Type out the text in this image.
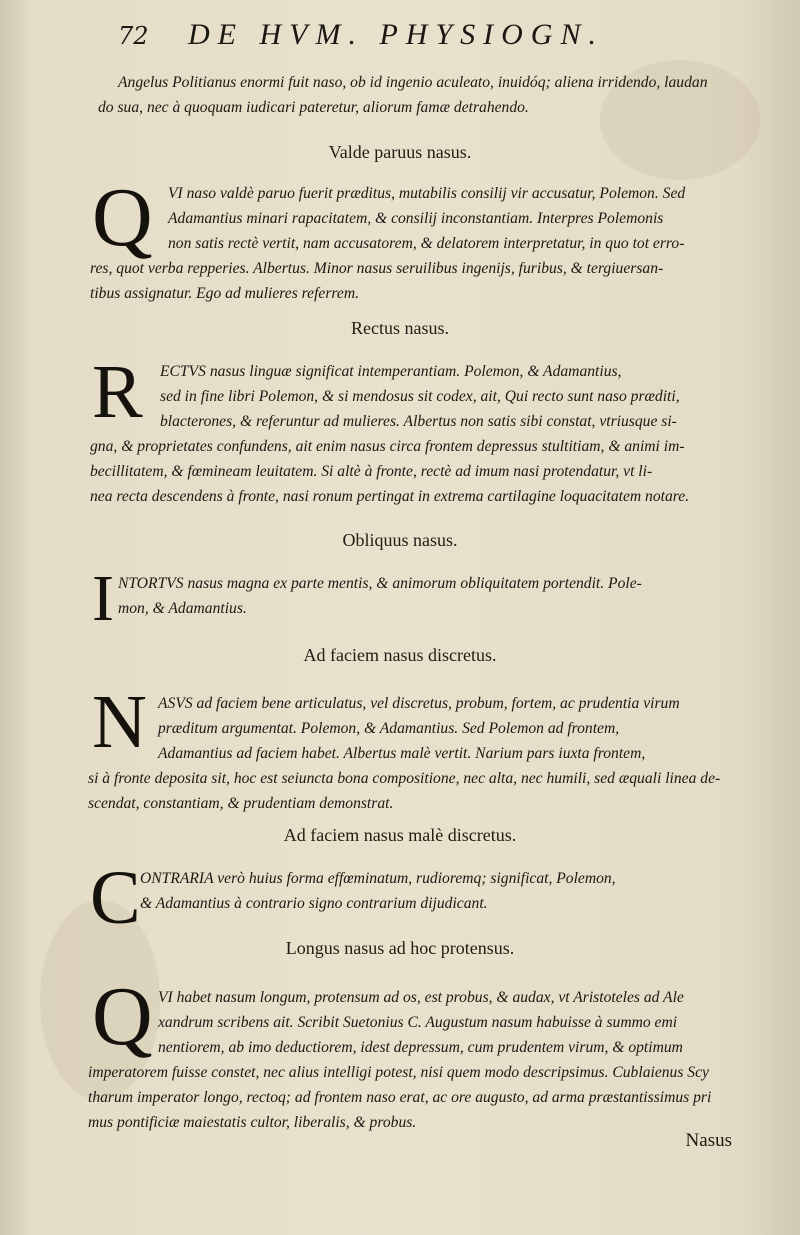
72	DE HVM. PHYSIOGN.
Angelus Politianus enormi fuit naso, ob id ingenio aculeato, inuidóq; aliena irridendo, laudan
do sua, nec à quoquam iudicari pateretur, aliorum famæ detrahendo.
Valde paruus nasus.
Q VI naso valdè paruo fuerit præditus, mutabilis consilij vir accusatur, Polemon. Sed
Adamantius minari rapacitatem, & consilij inconstantiam. Interpres Polemonis
non satis rectè vertit, nam accusatorem, & delatorem interpretatur, in quo tot erro-
res, quot verba repperies. Albertus. Minor nasus seruilibus ingenijs, furibus, & tergiuersan-
tibus assignatur. Ego ad mulieres referrem.
Rectus nasus.
R ECTVS nasus linguæ significat intemperantiam. Polemon, & Adamantius,
sed in fine libri Polemon, & si mendosus sit codex, ait, Qui recto sunt naso præditi,
blacterones, & referuntur ad mulieres. Albertus non satis sibi constat, vtriusque si-
gna, & proprietates confundens, ait enim nasus circa frontem depressus stultitiam, & animi im-
becillitatem, & fœmineam leuitatem. Si altè à fronte, rectè ad imum nasi protendatur, vt li-
nea recta descendens à fronte, nasi ronum pertingat in extrema cartilagine loquacitatem notare.
Obliquus nasus.
I NTORTVS nasus magna ex parte mentis, & animorum obliquitatem portendit. Pole-
mon, & Adamantius.
Ad faciem nasus discretus.
N ASVS ad faciem bene articulatus, vel discretus, probum, fortem, ac prudentia virum
præditum argumentat. Polemon, & Adamantius. Sed Polemon ad frontem,
Adamantius ad faciem habet. Albertus malè vertit. Narium pars iuxta frontem,
si à fronte deposita sit, hoc est seiuncta bona compositione, nec alta, nec humili, sed æquali linea de-
scendat, constantiam, & prudentiam demonstrat.
Ad faciem nasus malè discretus.
C ONTRARIA verò huius forma effœminatum, rudioremq; significat, Polemon,
& Adamantius à contrario signo contrarium dijudicant.
Longus nasus ad hoc protensus.
Q VI habet nasum longum, protensum ad os, est probus, & audax, vt Aristoteles ad Ale
xandrum scribens ait. Scribit Suetonius C. Augustum nasum habuisse à summo emi
nentiorem, ab imo deductiorem, idest depressum, cum prudentem virum, & optimum
imperatorem fuisse constet, nec alius intelligi potest, nisi quem modo descripsimus. Cublaienus Scy
tharum imperator longo, rectoq; ad frontem naso erat, ac ore augusto, ad arma præstantissimus pri
mus pontificiæ maiestatis cultor, liberalis, & probus.
Nasus
